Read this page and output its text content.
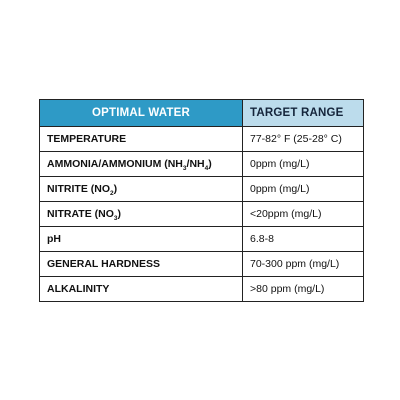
OPTIMAL WATER	TARGET RANGE
TEMPERATURE	77-82° F (25-28° C)
AMMONIA/AMMONIUM $(NH_3/NH_4)$	0ppm (mg/L)
NITRITE $(NO_2)$	0ppm (mg/L)
NITRATE $(NO_3)$	<20ppm (mg/L)
pH	6.8-8
GENERAL HARDNESS	70-300 ppm (mg/L)
ALKALINITY	>80 ppm (mg/L)
